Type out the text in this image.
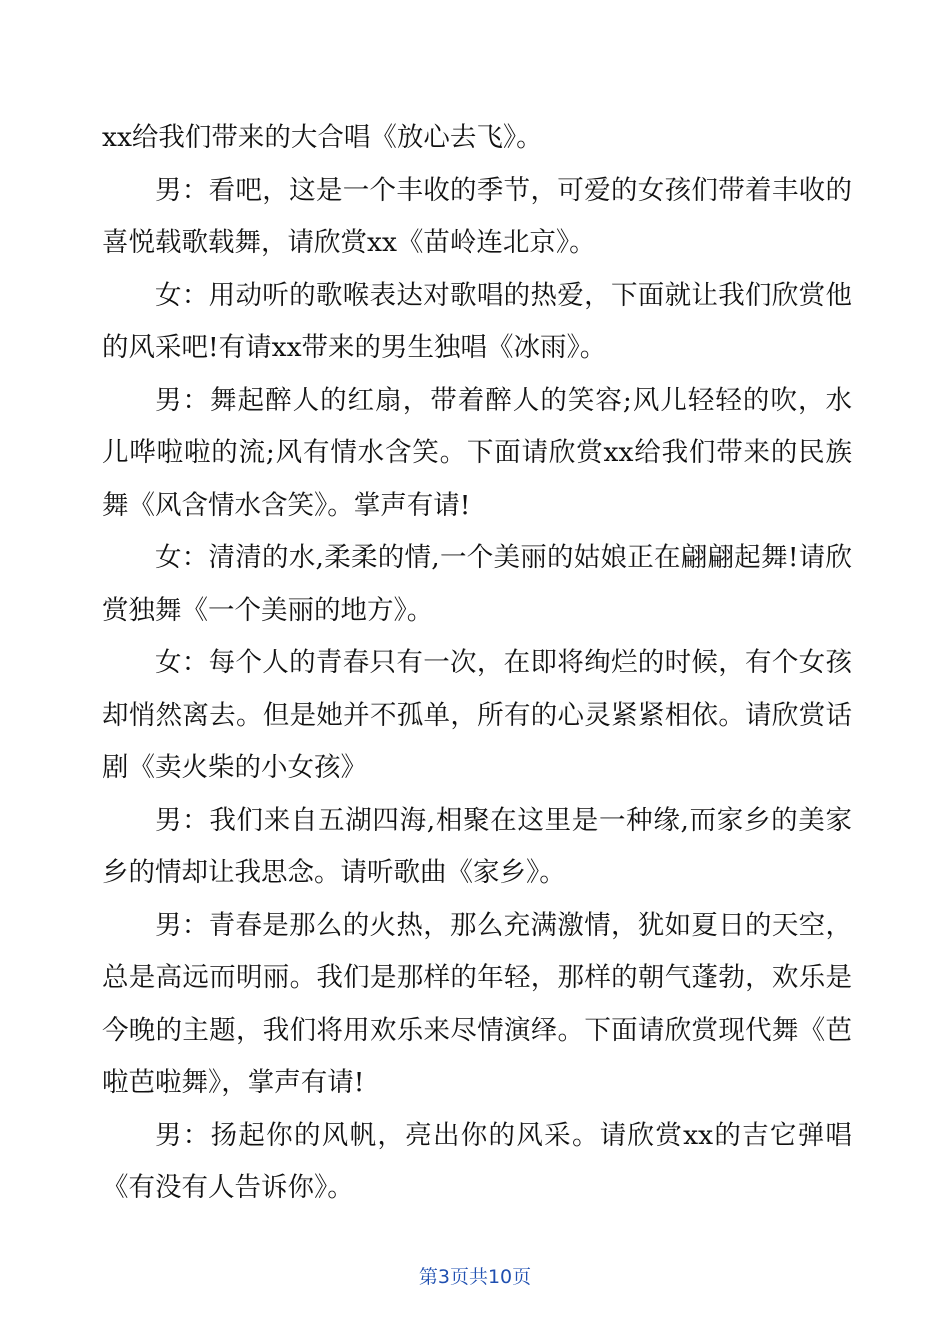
xx给我们带来的大合唱《放心去飞》。

男：看吧，这是一个丰收的季节，可爱的女孩们带着丰收的喜悦载歌载舞，请欣赏xx《苗岭连北京》。

女：用动听的歌喉表达对歌唱的热爱，下面就让我们欣赏他的风采吧!有请xx带来的男生独唱《冰雨》。

男：舞起醉人的红扇，带着醉人的笑容;风儿轻轻的吹，水儿哗啦啦的流;风有情水含笑。下面请欣赏xx给我们带来的民族舞《风含情水含笑》。掌声有请!

女：清清的水,柔柔的情,一个美丽的姑娘正在翩翩起舞!请欣赏独舞《一个美丽的地方》。

女：每个人的青春只有一次，在即将绚烂的时候，有个女孩却悄然离去。但是她并不孤单，所有的心灵紧紧相依。请欣赏话剧《卖火柴的小女孩》

男：我们来自五湖四海,相聚在这里是一种缘,而家乡的美家乡的情却让我思念。请听歌曲《家乡》。

男：青春是那么的火热，那么充满激情，犹如夏日的天空，总是高远而明丽。我们是那样的年轻，那样的朝气蓬勃，欢乐是今晚的主题，我们将用欢乐来尽情演绎。下面请欣赏现代舞《芭啦芭啦舞》，掌声有请!

男：扬起你的风帆，亮出你的风采。请欣赏xx的吉它弹唱《有没有人告诉你》。

第3页共10页
